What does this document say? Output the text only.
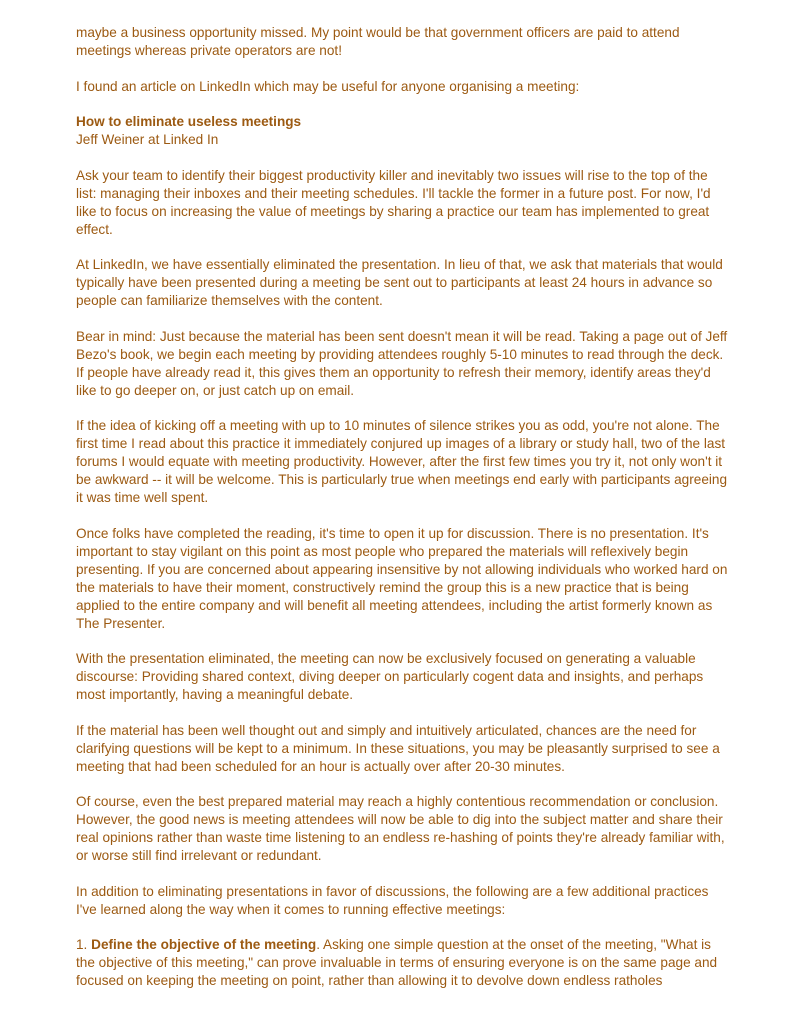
maybe a business opportunity missed. My point would be that government officers are paid to attend meetings whereas private operators are not!

I found an article on LinkedIn which may be useful for anyone organising a meeting:

How to eliminate useless meetings

Jeff Weiner at Linked In

Ask your team to identify their biggest productivity killer and inevitably two issues will rise to the top of the list: managing their inboxes and their meeting schedules. I'll tackle the former in a future post. For now, I'd like to focus on increasing the value of meetings by sharing a practice our team has implemented to great effect.

At LinkedIn, we have essentially eliminated the presentation. In lieu of that, we ask that materials that would typically have been presented during a meeting be sent out to participants at least 24 hours in advance so people can familiarize themselves with the content.

Bear in mind: Just because the material has been sent doesn't mean it will be read. Taking a page out of Jeff Bezo's book, we begin each meeting by providing attendees roughly 5-10 minutes to read through the deck. If people have already read it, this gives them an opportunity to refresh their memory, identify areas they'd like to go deeper on, or just catch up on email.

If the idea of kicking off a meeting with up to 10 minutes of silence strikes you as odd, you're not alone. The first time I read about this practice it immediately conjured up images of a library or study hall, two of the last forums I would equate with meeting productivity. However, after the first few times you try it, not only won't it be awkward -- it will be welcome. This is particularly true when meetings end early with participants agreeing it was time well spent.

Once folks have completed the reading, it's time to open it up for discussion. There is no presentation. It's important to stay vigilant on this point as most people who prepared the materials will reflexively begin presenting. If you are concerned about appearing insensitive by not allowing individuals who worked hard on the materials to have their moment, constructively remind the group this is a new practice that is being applied to the entire company and will benefit all meeting attendees, including the artist formerly known as The Presenter.

With the presentation eliminated, the meeting can now be exclusively focused on generating a valuable discourse: Providing shared context, diving deeper on particularly cogent data and insights, and perhaps most importantly, having a meaningful debate.

If the material has been well thought out and simply and intuitively articulated, chances are the need for clarifying questions will be kept to a minimum. In these situations, you may be pleasantly surprised to see a meeting that had been scheduled for an hour is actually over after 20-30 minutes.

Of course, even the best prepared material may reach a highly contentious recommendation or conclusion. However, the good news is meeting attendees will now be able to dig into the subject matter and share their real opinions rather than waste time listening to an endless re-hashing of points they're already familiar with, or worse still find irrelevant or redundant.

In addition to eliminating presentations in favor of discussions, the following are a few additional practices I've learned along the way when it comes to running effective meetings:

1. Define the objective of the meeting. Asking one simple question at the onset of the meeting, "What is the objective of this meeting," can prove invaluable in terms of ensuring everyone is on the same page and focused on keeping the meeting on point, rather than allowing it to devolve down endless ratholes
